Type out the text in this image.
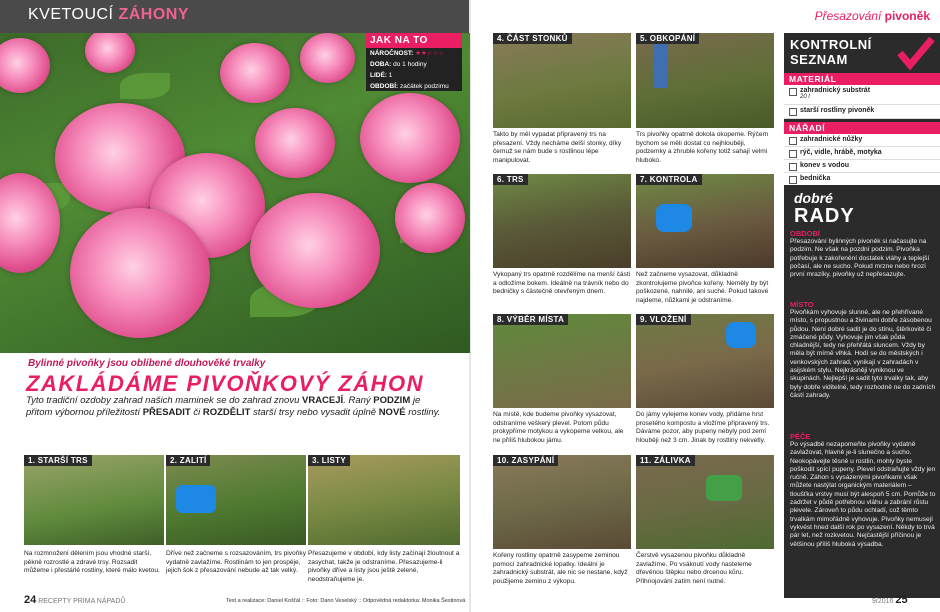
KVETOUCÍ ZÁHONY	Přesazování pivoněk
JAK NA TO
NÁROČNOST: ★★☆☆☆
DOBA: do 1 hodiny
LIDÉ: 1
OBDOBÍ: začátek podzimu
Bylinné pivoňky jsou oblíbené dlouhověké trvalky
ZAKLÁDÁME PIVOŇKOVÝ ZÁHON
Tyto tradiční ozdoby zahrad našich maminek se do zahrad znovu VRACEJÍ. Raný PODZIM je přitom výbornou příležitostí PŘESADIT či ROZDĚLIT starší trsy nebo vysadit úplně NOVÉ rostliny.
1. STARŠÍ TRS
Na rozmnožení dělením jsou vhodné starší, pěkně rozrostlé a zdravé trsy. Rozsadit můžeme i přestárlé rostliny, které málo kvetou.
2. ZALITÍ
Dříve než začneme s rozsazováním, trs pivoňky vydatně zavlažíme. Rostlinám to jen prospěje, jejich šok z přesazování nebude až tak velký.
3. LISTY
Přesazujeme v období, kdy listy začínají žloutnout a zasychat, takže je odstraníme. Přesazujeme-li pivoňky dříve a listy jsou ještě zelené, neodstraňujeme je.
4. ČÁST STONKŮ
Takto by měl vypadat připravený trs na přesazení. Vždy necháme delší stonky, díky čemuž se nám bude s rostlinou lépe manipulovat.
5. OBKOPÁNÍ
Trs pivoňky opatrně dokola okopeme. Rýčem bychom se měli dostat co nejhlouběji, podzemky a zhruble kořeny totiž sahají velmi hluboko.
6. TRS
Vykopaný trs opatrně rozdělíme na menší části a odložíme bokem. Ideálně na trávník nebo do bedničky s částečně otevřeným dnem.
7. KONTROLA
Než začneme vysazovat, důkladně zkontrolujeme pivoňce kořeny. Neměly by být poškozené, nahnilé, ani suché. Pokud takové najdeme, nůžkami je odstraníme.
8. VÝBĚR MÍSTA
Na místě, kde budeme pivoňky vysazovat, odstraníme veškerý plevel. Potom půdu prokypříme motykou a vykopeme velkou, ale ne příliš hlubokou jámu.
9. VLOŽENÍ
Do jámy vylejeme konev vody, přidáme hrst prosetého kompostu a vložíme připravený trs. Dáváme pozor, aby pupeny nebyly pod zemí hlouběji než 3 cm. Jinak by rostliny nekvetly.
10. ZASYPÁNÍ
Kořeny rostliny opatrně zasypeme zeminou pomocí zahradnické lopatky. Ideální je zahradnický substrát, ale nic se nestane, když použijeme zeminu z výkopu.
11. ZÁLIVKA
Čerstvě vysazenou pivoňku důkladně zavlažíme. Po vsáknutí vody nasteleme dřevěnou štěpku nebo drcenou kůru. Přihnojování zatím není nutné.
KONTROLNÍ
SEZNAM
MATERIÁL
zahradnický substrát
20 l
starší rostliny pivoněk
NÁŘADÍ
zahradnické nůžky
rýč, vidle, hrábě, motyka
konev s vodou
bednička
dobré
RADY
OBDOBÍ
Přesazování bylinných pivoněk si načasujte na podzim. Ne však na pozdní podzim. Pivoňka potřebuje k zakořenění dostatek vláhy a teplejší počasí, ale ne sucho. Pokud mrzne nebo hrozí první mrazíky, pivoňky už nepřesazujte.
MÍSTO
Pivoňkám vyhovuje slunné, ale ne přehřívané místo, s propustnou a živinami dobře zásobenou půdou. Není dobré sadit je do stínu, štěrkovité či zmáčené půdy. Vyhovuje jim však půda chladnější, tedy ne přehřátá sluncem. Vždy by měla být mírně vlhká. Hodí se do městských i venkovských zahrad, vynikají v zahradách v asijském stylu. Nejkrásněji vyniknou ve skupinách. Nejlepší je sadit tyto trvalky tak, aby byly dobře viditelné, tedy rozhodně ne do zadních částí zahrady.
PÉČE
Po výsadbě nezapomeňte pivoňky vydatně zavlažovat, hlavně je-li slunečno a sucho. Neokopávejte těsně u rostlin, mohly byste poškodit spící pupeny. Plevel odstraňujte vždy jen ručně. Záhon s vysázenými pivoňkami však můžete nastýlat organickým materiálem – tloušťka vrstvy musí být alespoň 5 cm. Pomůže to zadržet v půdě potřebnou vláhu a zabrání růstu plevele. Zároveň to půdu ochladí, což těmto trvalkám mimořádně vyhovuje. Pivoňky nemusejí vykvést hned další rok po vysazení. Někdy to trvá pár let, než rozkvetou. Nejčastější příčinou je většinou příliš hluboká výsadba.
24 RECEPTY PRIMA NÁPADŮ	Text a realizace: Daniel Košťál :: Foto: Dano Veselský :: Odpovědná redaktorka: Monika Šestinová	9/2016 25
